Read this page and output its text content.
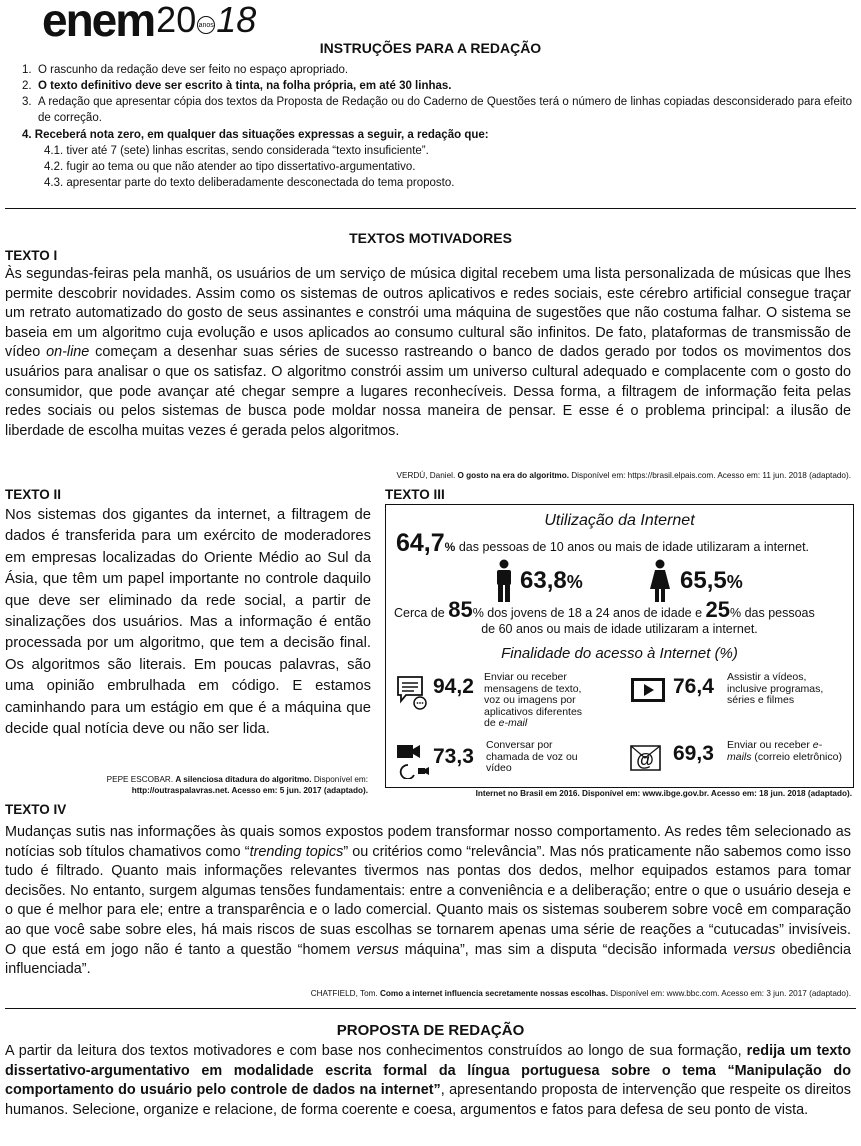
enem 20 anos 18
INSTRUÇÕES PARA A REDAÇÃO
1. O rascunho da redação deve ser feito no espaço apropriado.
2. O texto definitivo deve ser escrito à tinta, na folha própria, em até 30 linhas.
3. A redação que apresentar cópia dos textos da Proposta de Redação ou do Caderno de Questões terá o número de linhas copiadas desconsiderado para efeito de correção.
4. Receberá nota zero, em qualquer das situações expressas a seguir, a redação que:
4.1. tiver até 7 (sete) linhas escritas, sendo considerada “texto insuficiente”.
4.2. fugir ao tema ou que não atender ao tipo dissertativo-argumentativo.
4.3. apresentar parte do texto deliberadamente desconectada do tema proposto.
TEXTOS MOTIVADORES
TEXTO I
Às segundas-feiras pela manhã, os usuários de um serviço de música digital recebem uma lista personalizada de músicas que lhes permite descobrir novidades. Assim como os sistemas de outros aplicativos e redes sociais, este cérebro artificial consegue traçar um retrato automatizado do gosto de seus assinantes e constrói uma máquina de sugestões que não costuma falhar. O sistema se baseia em um algoritmo cuja evolução e usos aplicados ao consumo cultural são infinitos. De fato, plataformas de transmissão de vídeo on-line começam a desenhar suas séries de sucesso rastreando o banco de dados gerado por todos os movimentos dos usuários para analisar o que os satisfaz. O algoritmo constrói assim um universo cultural adequado e complacente com o gosto do consumidor, que pode avançar até chegar sempre a lugares reconhecíveis. Dessa forma, a filtragem de informação feita pelas redes sociais ou pelos sistemas de busca pode moldar nossa maneira de pensar. E esse é o problema principal: a ilusão de liberdade de escolha muitas vezes é gerada pelos algoritmos.
VERDÚ, Daniel. O gosto na era do algoritmo. Disponível em: https://brasil.elpais.com. Acesso em: 11 jun. 2018 (adaptado).
TEXTO II
Nos sistemas dos gigantes da internet, a filtragem de dados é transferida para um exército de moderadores em empresas localizadas do Oriente Médio ao Sul da Ásia, que têm um papel importante no controle daquilo que deve ser eliminado da rede social, a partir de sinalizações dos usuários. Mas a informação é então processada por um algoritmo, que tem a decisão final. Os algoritmos são literais. Em poucas palavras, são uma opinião embrulhada em código. E estamos caminhando para um estágio em que é a máquina que decide qual notícia deve ou não ser lida.
PEPE ESCOBAR. A silenciosa ditadura do algoritmo. Disponível em:
http://outraspalavras.net. Acesso em: 5 jun. 2017 (adaptado).
TEXTO III
Utilização da Internet
64,7% das pessoas de 10 anos ou mais de idade utilizaram a internet.
63,8%	65,5%
Cerca de 85% dos jovens de 18 a 24 anos de idade e 25% das pessoas
de 60 anos ou mais de idade utilizaram a internet.
Finalidade do acesso à Internet (%)
94,2 Enviar ou receber mensagens de texto, voz ou imagens por aplicativos diferentes de e-mail
76,4 Assistir a vídeos, inclusive programas, séries e filmes
73,3 Conversar por chamada de voz ou vídeo	@ 69,3 Enviar ou receber e-mails (correio eletrônico)
Internet no Brasil em 2016. Disponível em: www.ibge.gov.br. Acesso em: 18 jun. 2018 (adaptado).
TEXTO IV
Mudanças sutis nas informações às quais somos expostos podem transformar nosso comportamento. As redes têm selecionado as notícias sob títulos chamativos como “trending topics” ou critérios como “relevância”. Mas nós praticamente não sabemos como isso tudo é filtrado. Quanto mais informações relevantes tivermos nas pontas dos dedos, melhor equipados estamos para tomar decisões. No entanto, surgem algumas tensões fundamentais: entre a conveniência e a deliberação; entre o que o usuário deseja e o que é melhor para ele; entre a transparência e o lado comercial. Quanto mais os sistemas souberem sobre você em comparação ao que você sabe sobre eles, há mais riscos de suas escolhas se tornarem apenas uma série de reações a “cutucadas” invisíveis. O que está em jogo não é tanto a questão “homem versus máquina”, mas sim a disputa “decisão informada versus obediência influenciada”.
CHATFIELD, Tom. Como a internet influencia secretamente nossas escolhas. Disponível em: www.bbc.com. Acesso em: 3 jun. 2017 (adaptado).
PROPOSTA DE REDAÇÃO
A partir da leitura dos textos motivadores e com base nos conhecimentos construídos ao longo de sua formação, redija um texto dissertativo-argumentativo em modalidade escrita formal da língua portuguesa sobre o tema “Manipulação do comportamento do usuário pelo controle de dados na internet”, apresentando proposta de intervenção que respeite os direitos humanos. Selecione, organize e relacione, de forma coerente e coesa, argumentos e fatos para defesa de seu ponto de vista.
